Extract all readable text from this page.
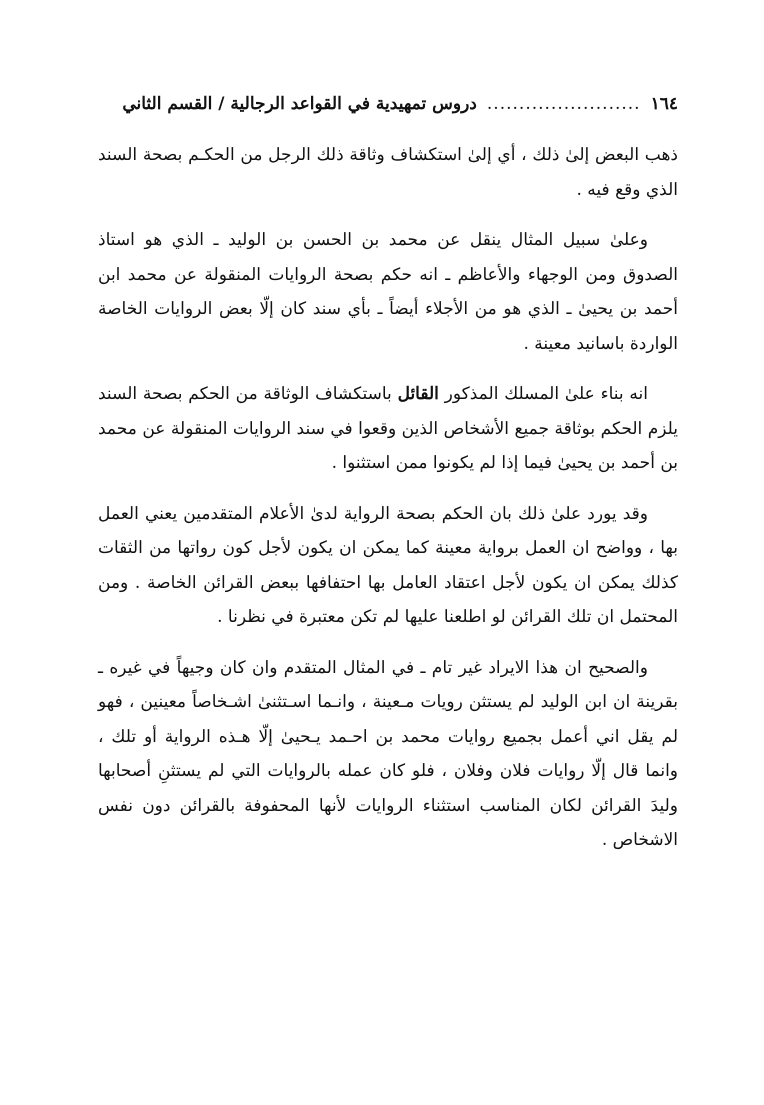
١٦٤
........................
دروس تمهيدية في القواعد الرجالية / القسم الثاني

ذهب البعض إلىٰ ذلك ، أي إلىٰ استكشاف وثاقة ذلك الرجل من الحكـم بصحة السند الذي وقع فيه .

وعلىٰ سبيل المثال ينقل عن محمد بن الحسن بن الوليد ـ الذي هو استاذ الصدوق ومن الوجهاء والأعاظم ـ انه حكم بصحة الروايات المنقولة عن محمد ابن أحمد بن يحيىٰ ـ الذي هو من الأجلاء أيضاً ـ بأي سند كان إلّا بعض الروايات الخاصة الواردة باسانيد معينة .

انه بناء علىٰ المسلك المذكور القائل باستكشاف الوثاقة من الحكم بصحة السند يلزم الحكم بوثاقة جميع الأشخاص الذين وقعوا في سند الروايات المنقولة عن محمد بن أحمد بن يحيىٰ فيما إذا لم يكونوا ممن استثنوا .

وقد يورد علىٰ ذلك بان الحكم بصحة الرواية لدىٰ الأعلام المتقدمين يعني العمل بها ، وواضح ان العمل برواية معينة كما يمكن ان يكون لأجل كون رواتها من الثقات كذلك يمكن ان يكون لأجل اعتقاد العامل بها احتفافها ببعض القرائن الخاصة . ومن المحتمل ان تلك القرائن لو اطلعنا عليها لم تكن معتبرة في نظرنا .

والصحيح ان هذا الايراد غير تام ـ في المثال المتقدم وان كان وجيهاً في غيره ـ بقرينة ان ابن الوليد لم يستثن رويات مـعينة ، وانـما اسـتثنىٰ اشـخاصاً معينين ، فهو لم يقل اني أعمل بجميع روايات محمد بن احـمد يـحيىٰ إلّا هـذه الرواية أو تلك ، وانما قال إلّا روايات فلان وفلان ، فلو كان عمله بالروايات التي لم يستثنِ أصحابها وليدَ القرائن لكان المناسب استثناء الروايات لأنها المحفوفة بالقرائن دون نفس الاشخاص .
